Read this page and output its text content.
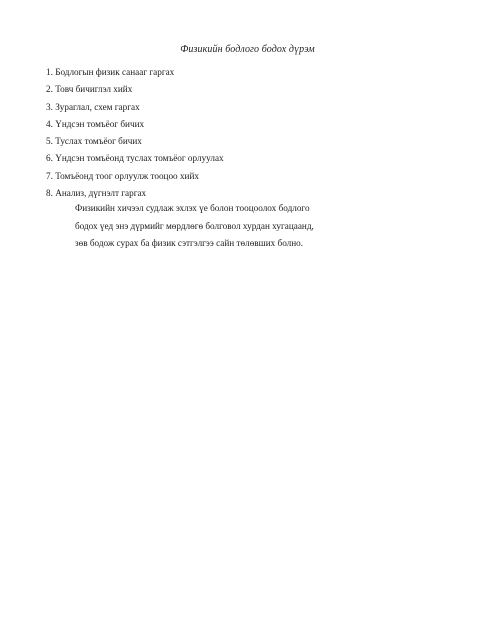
Физикийн бодлого бодох дүрэм
1. Бодлогын физик санааг гаргах
2. Товч бичиглэл хийх
3. Зураглал, схем гаргах
4. Үндсэн томъёог бичих
5. Туслах томъёог бичих
6. Үндсэн томъёонд туслах томъёог орлуулах
7. Томъёонд тоог орлуулж тооцоо хийх
8. Анализ, дүгнэлт гаргах
Физикийн хичээл судлаж эхлэх үе болон тооцоолох бодлого
бодох үед энэ дүрмийг мөрдлөгө болговол хурдан хугацаанд,
зөв бодож сурах ба физик сэтгэлгээ сайн төлөвших болно.
